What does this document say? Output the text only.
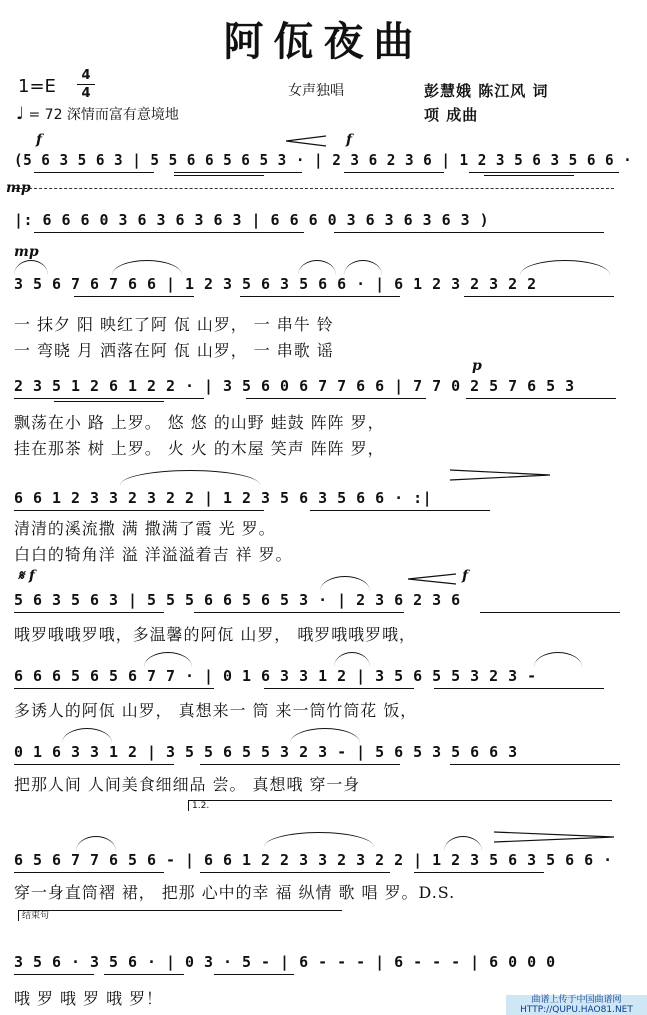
阿佤夜曲
1=E
4
4	女声独唱	彭慧娥 陈江风 词
项 成曲
♩ = 72 深情而富有意境地
f	f
(5 6 3 5 6 3 | 5 5 6 6 5 6 5 3 · | 2 3 6 2 3 6 | 1 2 3 5 6 3 5 6 6 ·
mp
|: 6 6 6 0 3 6 3 6 3 6 3 | 6 6 6 0 3 6 3 6 3 6 3 )
mp
3 5 6 7 6 7 6 6 | 1 2 3 5 6 3 5 6 6 · | 6 1 2 3 2 3 2 2
一 抹夕 阳 映红了阿 佤 山罗， 一 串牛 铃
一 弯晓 月 洒落在阿 佤 山罗， 一 串歌 谣
p
2 3 5 1 2 6 1 2 2 · | 3 5 6 0 6 7 7 6 6 | 7 7 0 2 5 7 6 5 3
飘荡在小 路 上罗。 悠 悠 的山野 蛙鼓 阵阵 罗，
挂在那茶 树 上罗。 火 火 的木屋 笑声 阵阵 罗，
6 6 1 2 3 3 2 3 2 2 | 1 2 3 5 6 3 5 6 6 · :|
清清的溪流撒 满 撒满了霞 光 罗。
白白的犄角洋 溢 洋溢溢着吉 祥 罗。
𝄋 f	f
5 6 3 5 6 3 | 5 5 5 6 6 5 6 5 3 · | 2 3 6 2 3 6
哦罗哦哦罗哦，多温馨的阿佤 山罗， 哦罗哦哦罗哦，
6 6 6 5 6 5 6 7 7 · | 0 1 6 3 3 1 2 | 3 5 6 5 5 3 2 3 -
多诱人的阿佤 山罗， 真想来一 筒 来一筒竹筒花 饭，
0 1 6 3 3 1 2 | 3 5 5 6 5 5 3 2 3 - | 5 6 5 3 5 6 6 3
把那人间 人间美食细细品 尝。 真想哦 穿一身
1.2.
6 5 6 7 7 6 5 6 - | 6 6 1 2 2 3 3 2 3 2 2 | 1 2 3 5 6 3 5 6 6 ·
穿一身直筒褶 裙， 把那 心中的幸 福 纵情 歌 唱 罗。D.S.
结束句
3 5 6 · 3 5 6 · | 0 3 · 5 - | 6 - - - | 6 - - - | 6 0 0 0
哦 罗 哦 罗 哦 罗！	曲谱上传于中国曲谱网
HTTP://QUPU.HAO81.NET
